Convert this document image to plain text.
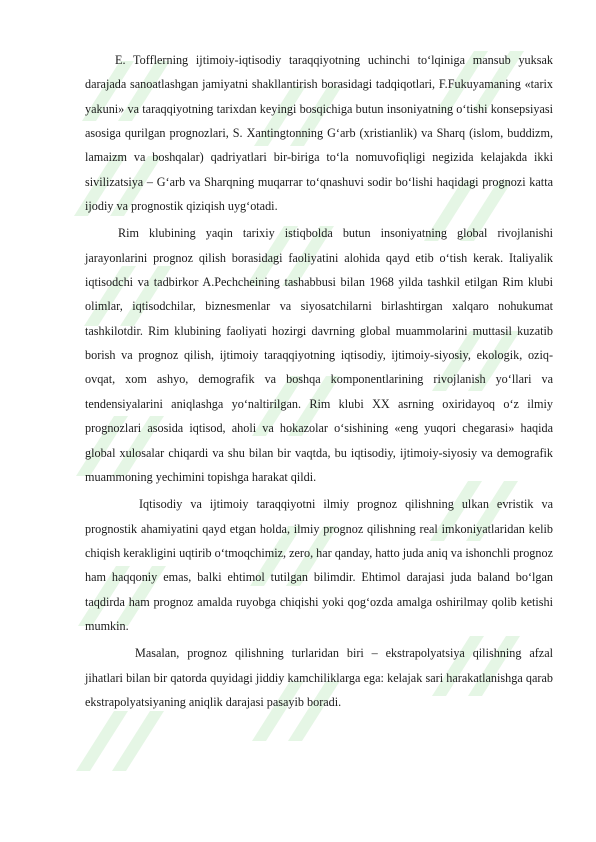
E. Tofflerning ijtimoiy-iqtisodiy taraqqiyotning uchinchi to‘lqiniga mansub yuksak darajada sanoatlashgan jamiyatni shakllantirish borasidagi tadqiqotlari, F.Fukuyamaning «tarix yakuni» va taraqqiyotning tarixdan keyingi bosqichiga butun insoniyatning o‘tishi konsepsiyasi asosiga qurilgan prognozlari, S. Xantingtonning G‘arb (xristianlik) va Sharq (islom, buddizm, lamaizm va boshqalar) qadriyatlari bir-biriga to‘la nomuvofiqligi negizida kelajakda ikki sivilizatsiya – G‘arb va Sharqning muqarrar to‘qnashuvi sodir bo‘lishi haqidagi prognozi katta ijodiy va prognostik qiziqish uyg‘otadi.

Rim klubining yaqin tarixiy istiqbolda butun insoniyatning global rivojlanishi jarayonlarini prognoz qilish borasidagi faoliyatini alohida qayd etib o‘tish kerak. Italiyalik iqtisodchi va tadbirkor A.Pechcheining tashabbusi bilan 1968 yilda tashkil etilgan Rim klubi olimlar, iqtisodchilar, biznesmenlar va siyosatchilarni birlashtirgan xalqaro nohukumat tashkilotdir. Rim klubining faoliyati hozirgi davrning global muammolarini muttasil kuzatib borish va prognoz qilish, ijtimoiy taraqqiyotning iqtisodiy, ijtimoiy-siyosiy, ekologik, oziq-ovqat, xom ashyo, demografik va boshqa komponentlarining rivojlanish yo‘llari va tendensiyalarini aniqlashga yo‘naltirilgan. Rim klubi XX asrning oxiridayoq o‘z ilmiy prognozlari asosida iqtisod, aholi va hokazolar o‘sishining «eng yuqori chegarasi» haqida global xulosalar chiqardi va shu bilan bir vaqtda, bu iqtisodiy, ijtimoiy-siyosiy va demografik muammoning yechimini topishga harakat qildi.

Iqtisodiy va ijtimoiy taraqqiyotni ilmiy prognoz qilishning ulkan evristik va prognostik ahamiyatini qayd etgan holda, ilmiy prognoz qilishning real imkoniyatlaridan kelib chiqish kerakligini uqtirib o‘tmoqchimiz, zero, har qanday, hatto juda aniq va ishonchli prognoz ham haqqoniy emas, balki ehtimol tutilgan bilimdir. Ehtimol darajasi juda baland bo‘lgan taqdirda ham prognoz amalda ruyobga chiqishi yoki qog‘ozda amalga oshirilmay qolib ketishi mumkin.

Masalan, prognoz qilishning turlaridan biri – ekstrapolyatsiya qilishning afzal jihatlari bilan bir qatorda quyidagi jiddiy kamchiliklarga ega: kelajak sari harakatlanishga qarab ekstrapolyatsiyaning aniqlik darajasi pasayib boradi.
